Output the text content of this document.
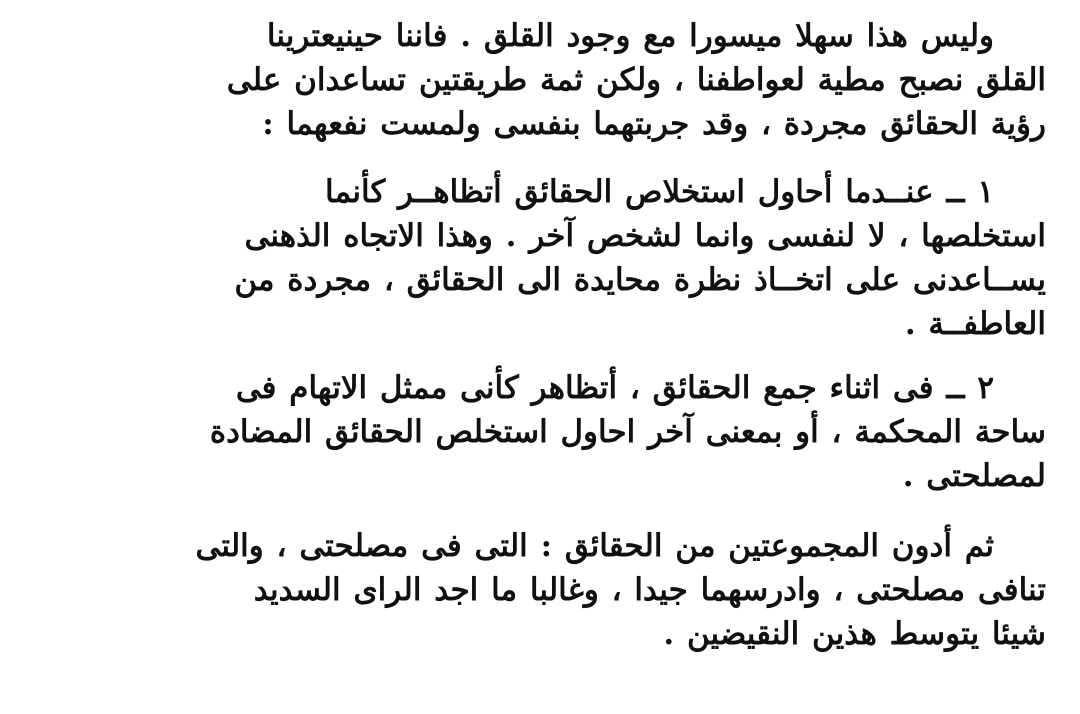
وليس هذا سهلا ميسورا مع وجود القلق . فاننا حينيعترينا
القلق نصبح مطية لعواطفنا ، ولكن ثمة طريقتين تساعدان على
رؤية الحقائق مجردة ، وقد جربتهما بنفسى ولمست نفعهما :

١ ــ عنــدما أحاول استخلاص الحقائق أتظاهــر كأنما
استخلصها ، لا لنفسى وانما لشخص آخر . وهذا الاتجاه الذهنى
يســاعدنى على اتخــاذ نظرة محايدة الى الحقائق ، مجردة من
العاطفــة .

٢ ــ فى اثناء جمع الحقائق ، أتظاهر كأنى ممثل الاتهام فى
ساحة المحكمة ، أو بمعنى آخر احاول استخلص الحقائق المضادة
لمصلحتى .

ثم أدون المجموعتين من الحقائق : التى فى مصلحتى ، والتى
تنافى مصلحتى ، وادرسهما جيدا ، وغالبا ما اجد الراى السديد
شيئا يتوسط هذين النقيضين .
